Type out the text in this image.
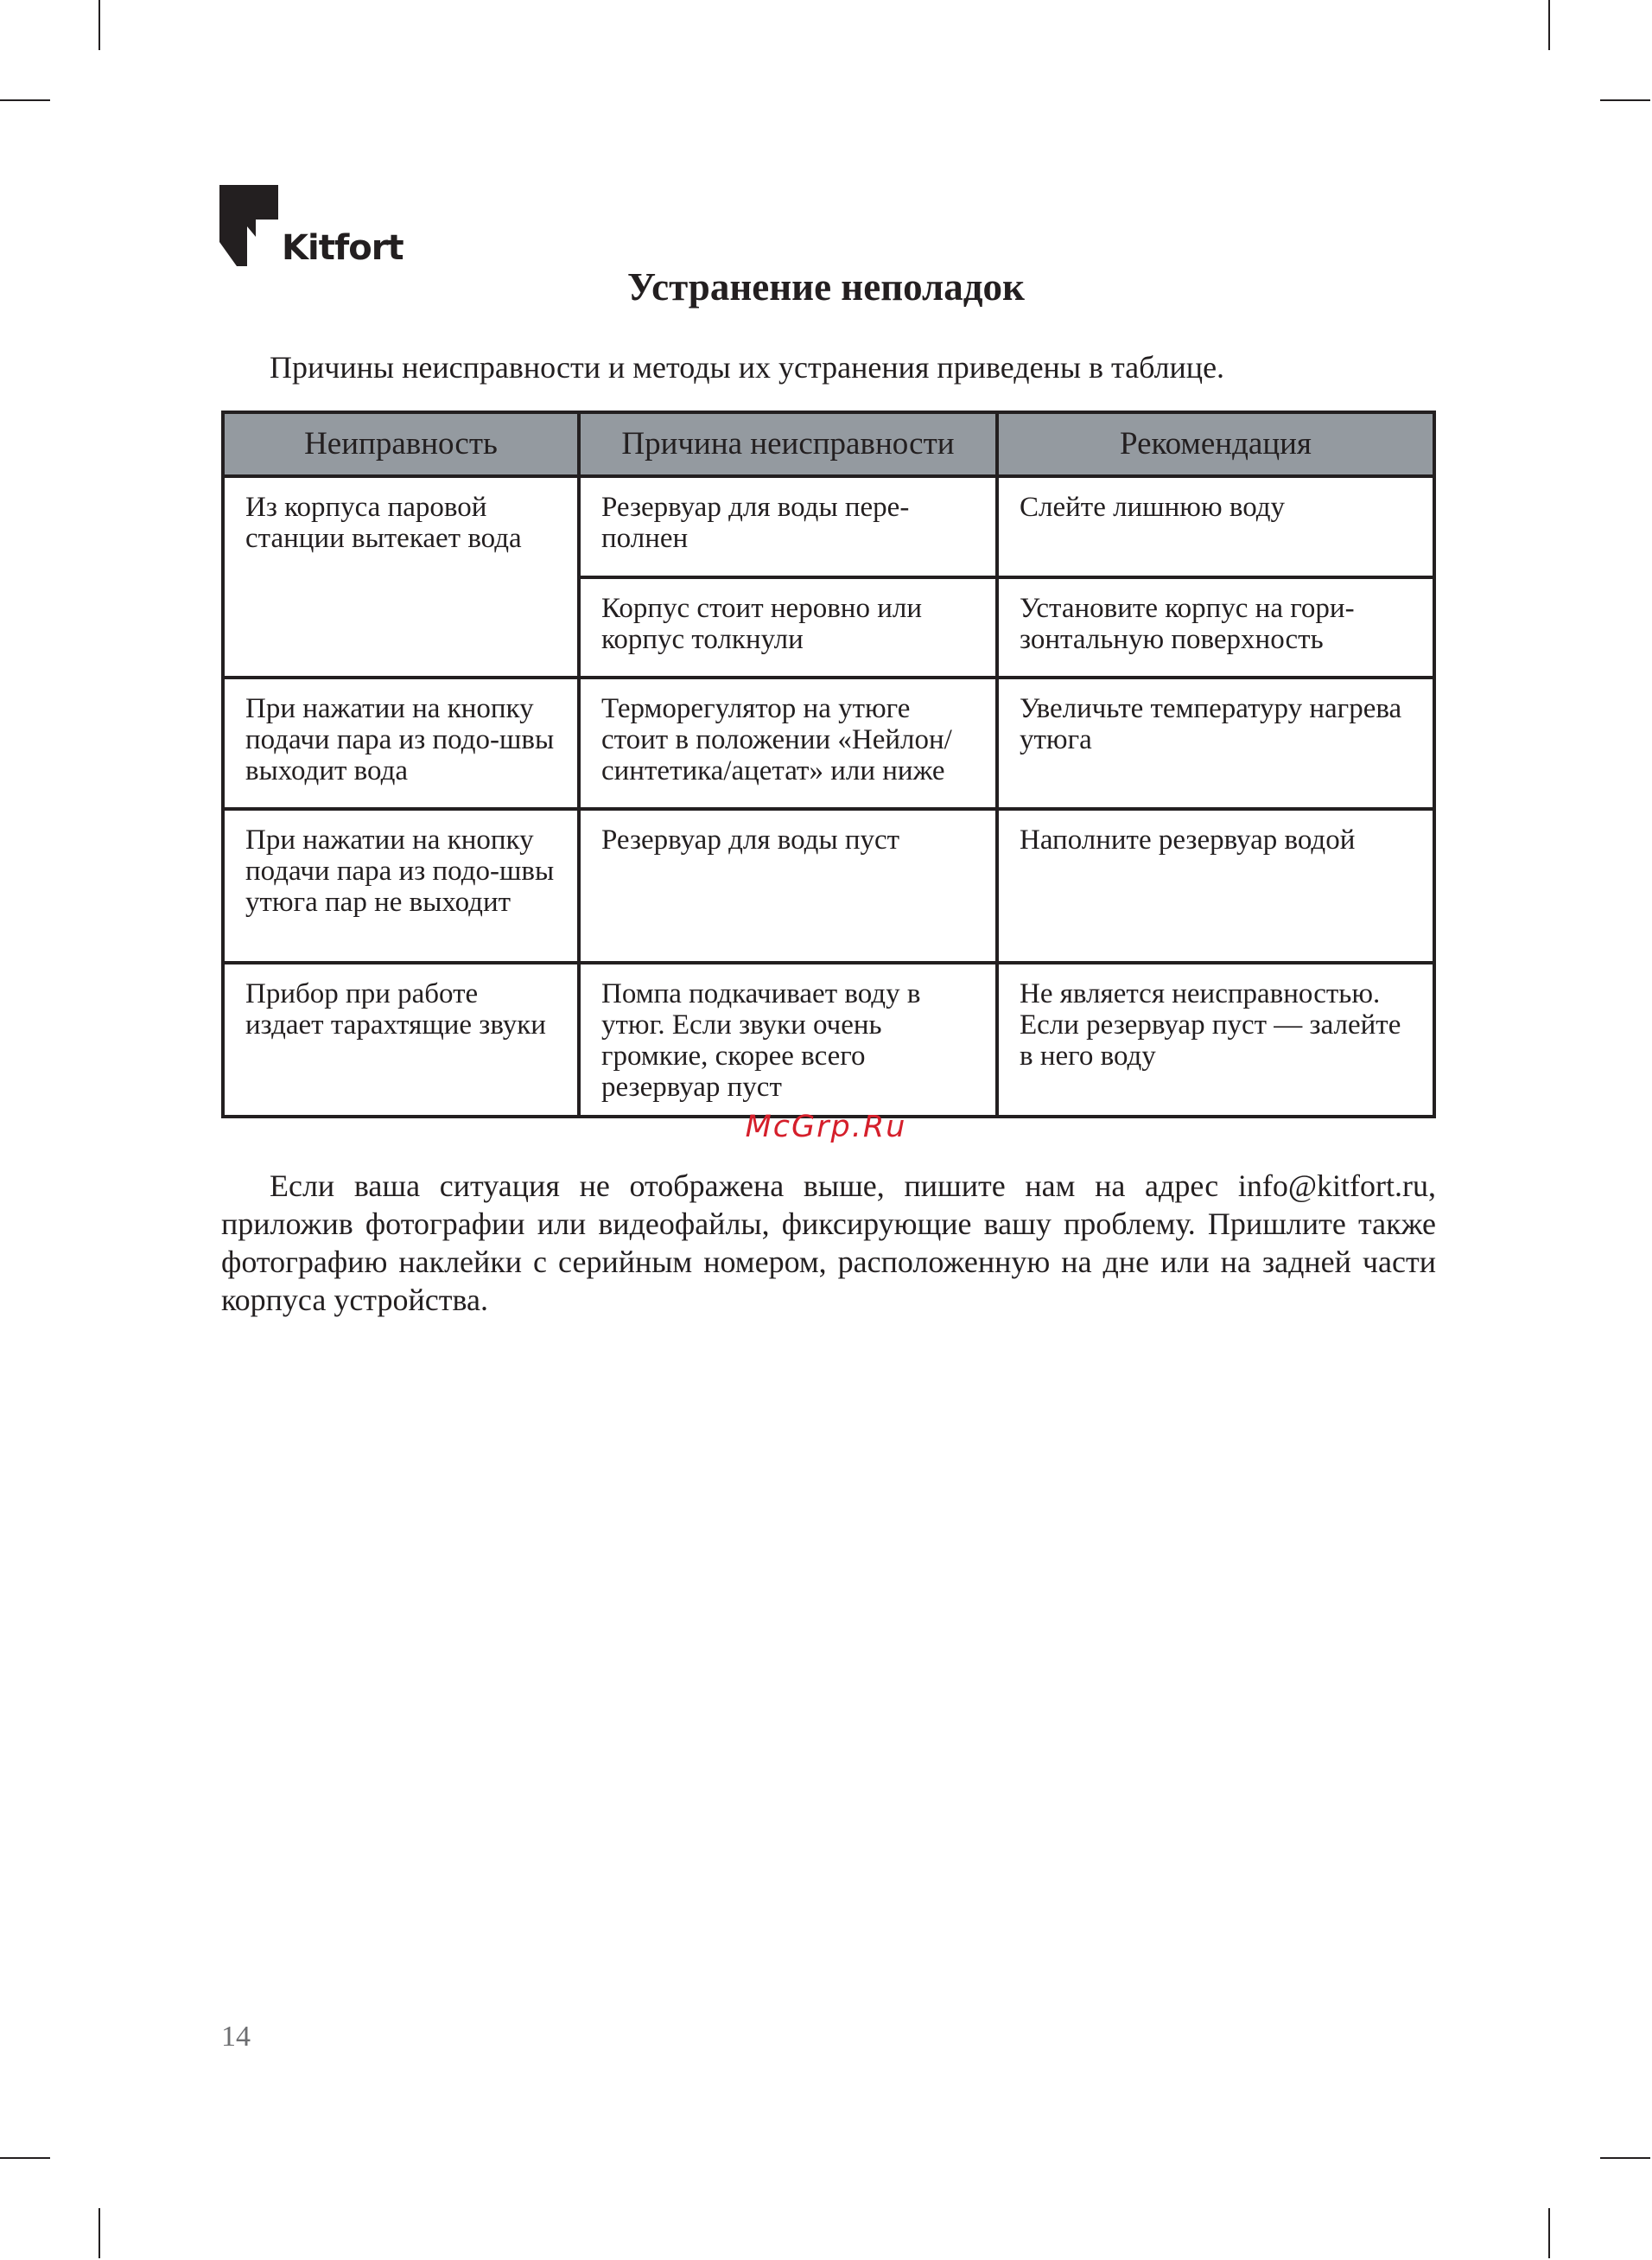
Kitfort
Устранение неполадок

Причины неисправности и методы их устранения приведены в таблице.

Неиправность	Причина неисправности	Рекомендация
Из корпуса паровой станции вытекает вода	Резервуар для воды пере-полнен	Слейте лишнюю воду
	Корпус стоит неровно или корпус толкнули	Установите корпус на гори-зонтальную поверхность
При нажатии на кнопку подачи пара из подо-швы выходит вода	Терморегулятор на утюге стоит в положении «Нейлон/синтетика/ацетат» или ниже	Увеличьте температуру нагрева утюга
При нажатии на кнопку подачи пара из подо-швы утюга пар не выходит	Резервуар для воды пуст	Наполните резервуар водой
Прибор при работе издает тарахтящие звуки	Помпа подкачивает воду в утюг. Если звуки очень громкие, скорее всего резервуар пуст	Не является неисправностью. Если резервуар пуст — залейте в него воду

McGrp.Ru

Если ваша ситуация не отображена выше, пишите нам на адрес info@kitfort.ru, приложив фотографии или видеофайлы, фиксирующие вашу проблему. Пришлите также фотографию наклейки с серийным номером, расположенную на дне или на задней части корпуса устройства.

14
